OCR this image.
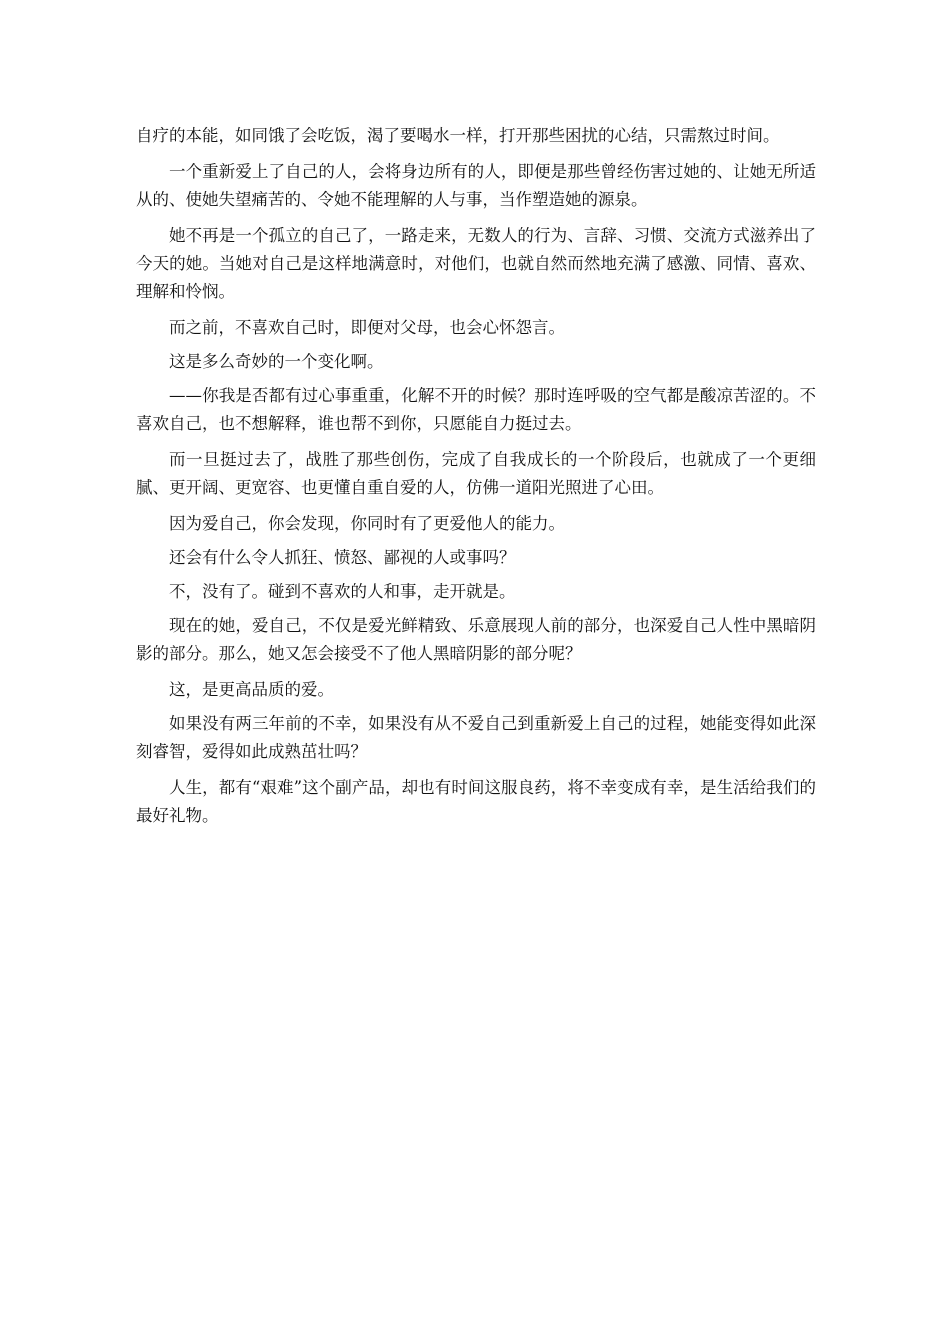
自疗的本能，如同饿了会吃饭，渴了要喝水一样，打开那些困扰的心结，只需熬过时间。

一个重新爱上了自己的人，会将身边所有的人，即便是那些曾经伤害过她的、让她无所适从的、使她失望痛苦的、令她不能理解的人与事，当作塑造她的源泉。

她不再是一个孤立的自己了，一路走来，无数人的行为、言辞、习惯、交流方式滋养出了今天的她。当她对自己是这样地满意时，对他们，也就自然而然地充满了感激、同情、喜欢、理解和怜悯。

而之前，不喜欢自己时，即便对父母，也会心怀怨言。

这是多么奇妙的一个变化啊。

——你我是否都有过心事重重，化解不开的时候？那时连呼吸的空气都是酸凉苦涩的。不喜欢自己，也不想解释，谁也帮不到你，只愿能自力挺过去。

而一旦挺过去了，战胜了那些创伤，完成了自我成长的一个阶段后，也就成了一个更细腻、更开阔、更宽容、也更懂自重自爱的人，仿佛一道阳光照进了心田。

因为爱自己，你会发现，你同时有了更爱他人的能力。

还会有什么令人抓狂、愤怒、鄙视的人或事吗？

不，没有了。碰到不喜欢的人和事，走开就是。

现在的她，爱自己，不仅是爱光鲜精致、乐意展现人前的部分，也深爱自己人性中黑暗阴影的部分。那么，她又怎会接受不了他人黑暗阴影的部分呢？

这，是更高品质的爱。

如果没有两三年前的不幸，如果没有从不爱自己到重新爱上自己的过程，她能变得如此深刻睿智，爱得如此成熟茁壮吗？

人生，都有“艰难”这个副产品，却也有时间这服良药，将不幸变成有幸，是生活给我们的最好礼物。
